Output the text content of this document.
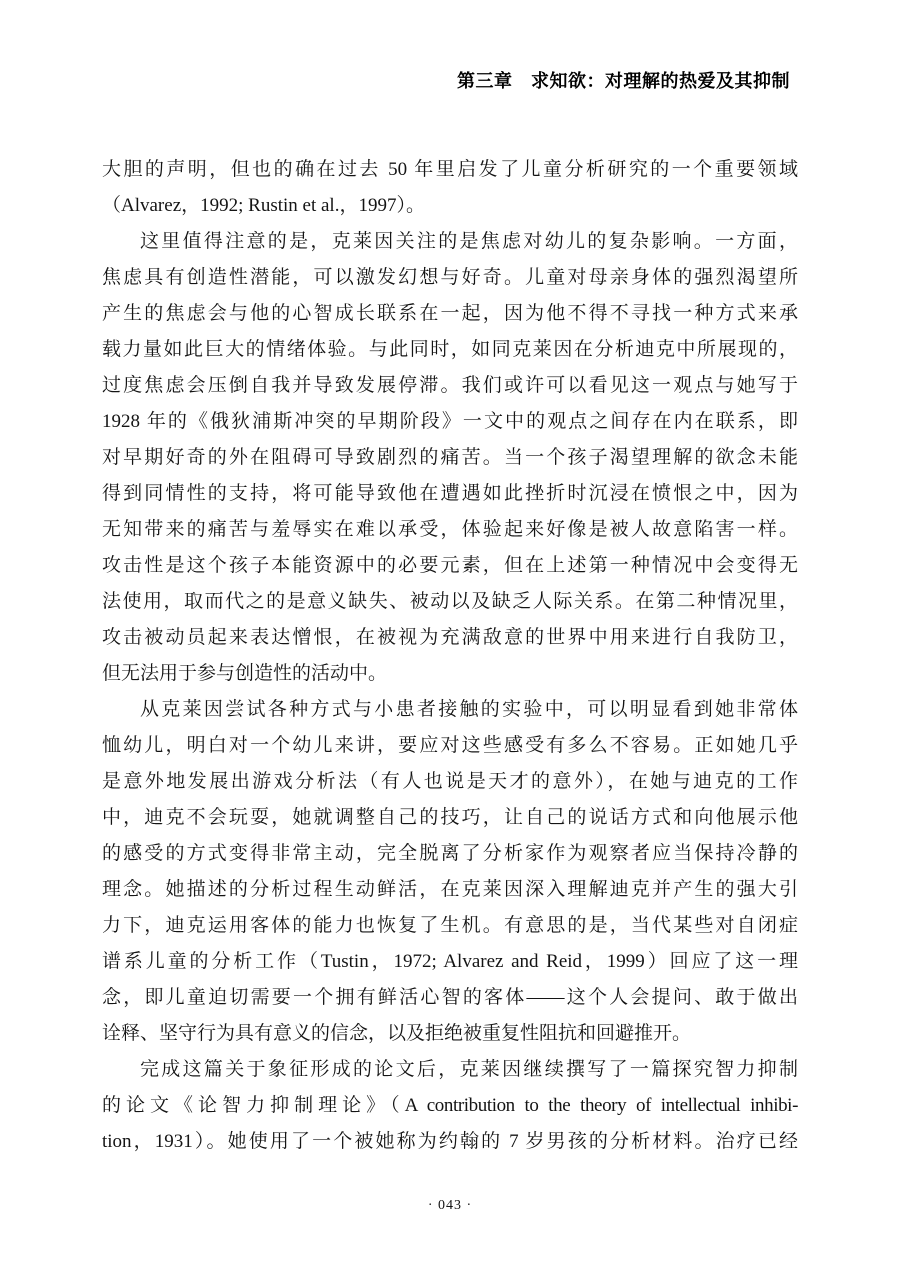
第三章　求知欲：对理解的热爱及其抑制
大胆的声明，但也的确在过去 50 年里启发了儿童分析研究的一个重要领域
（Alvarez，1992; Rustin et al.，1997）。
这里值得注意的是，克莱因关注的是焦虑对幼儿的复杂影响。一方面，
焦虑具有创造性潜能，可以激发幻想与好奇。儿童对母亲身体的强烈渴望所
产生的焦虑会与他的心智成长联系在一起，因为他不得不寻找一种方式来承
载力量如此巨大的情绪体验。与此同时，如同克莱因在分析迪克中所展现的，
过度焦虑会压倒自我并导致发展停滞。我们或许可以看见这一观点与她写于
1928 年的《俄狄浦斯冲突的早期阶段》一文中的观点之间存在内在联系，即
对早期好奇的外在阻碍可导致剧烈的痛苦。当一个孩子渴望理解的欲念未能
得到同情性的支持，将可能导致他在遭遇如此挫折时沉浸在愤恨之中，因为
无知带来的痛苦与羞辱实在难以承受，体验起来好像是被人故意陷害一样。
攻击性是这个孩子本能资源中的必要元素，但在上述第一种情况中会变得无
法使用，取而代之的是意义缺失、被动以及缺乏人际关系。在第二种情况里，
攻击被动员起来表达憎恨，在被视为充满敌意的世界中用来进行自我防卫，
但无法用于参与创造性的活动中。
从克莱因尝试各种方式与小患者接触的实验中，可以明显看到她非常体
恤幼儿，明白对一个幼儿来讲，要应对这些感受有多么不容易。正如她几乎
是意外地发展出游戏分析法（有人也说是天才的意外），在她与迪克的工作
中，迪克不会玩耍，她就调整自己的技巧，让自己的说话方式和向他展示他
的感受的方式变得非常主动，完全脱离了分析家作为观察者应当保持冷静的
理念。她描述的分析过程生动鲜活，在克莱因深入理解迪克并产生的强大引
力下，迪克运用客体的能力也恢复了生机。有意思的是，当代某些对自闭症
谱系儿童的分析工作（Tustin，1972; Alvarez and Reid，1999）回应了这一理
念，即儿童迫切需要一个拥有鲜活心智的客体——这个人会提问、敢于做出
诠释、坚守行为具有意义的信念，以及拒绝被重复性阻抗和回避推开。
完成这篇关于象征形成的论文后，克莱因继续撰写了一篇探究智力抑制
的论文《论智力抑制理论》（A contribution to the theory of intellectual inhibi-
tion，1931）。她使用了一个被她称为约翰的 7 岁男孩的分析材料。治疗已经
· 043 ·
